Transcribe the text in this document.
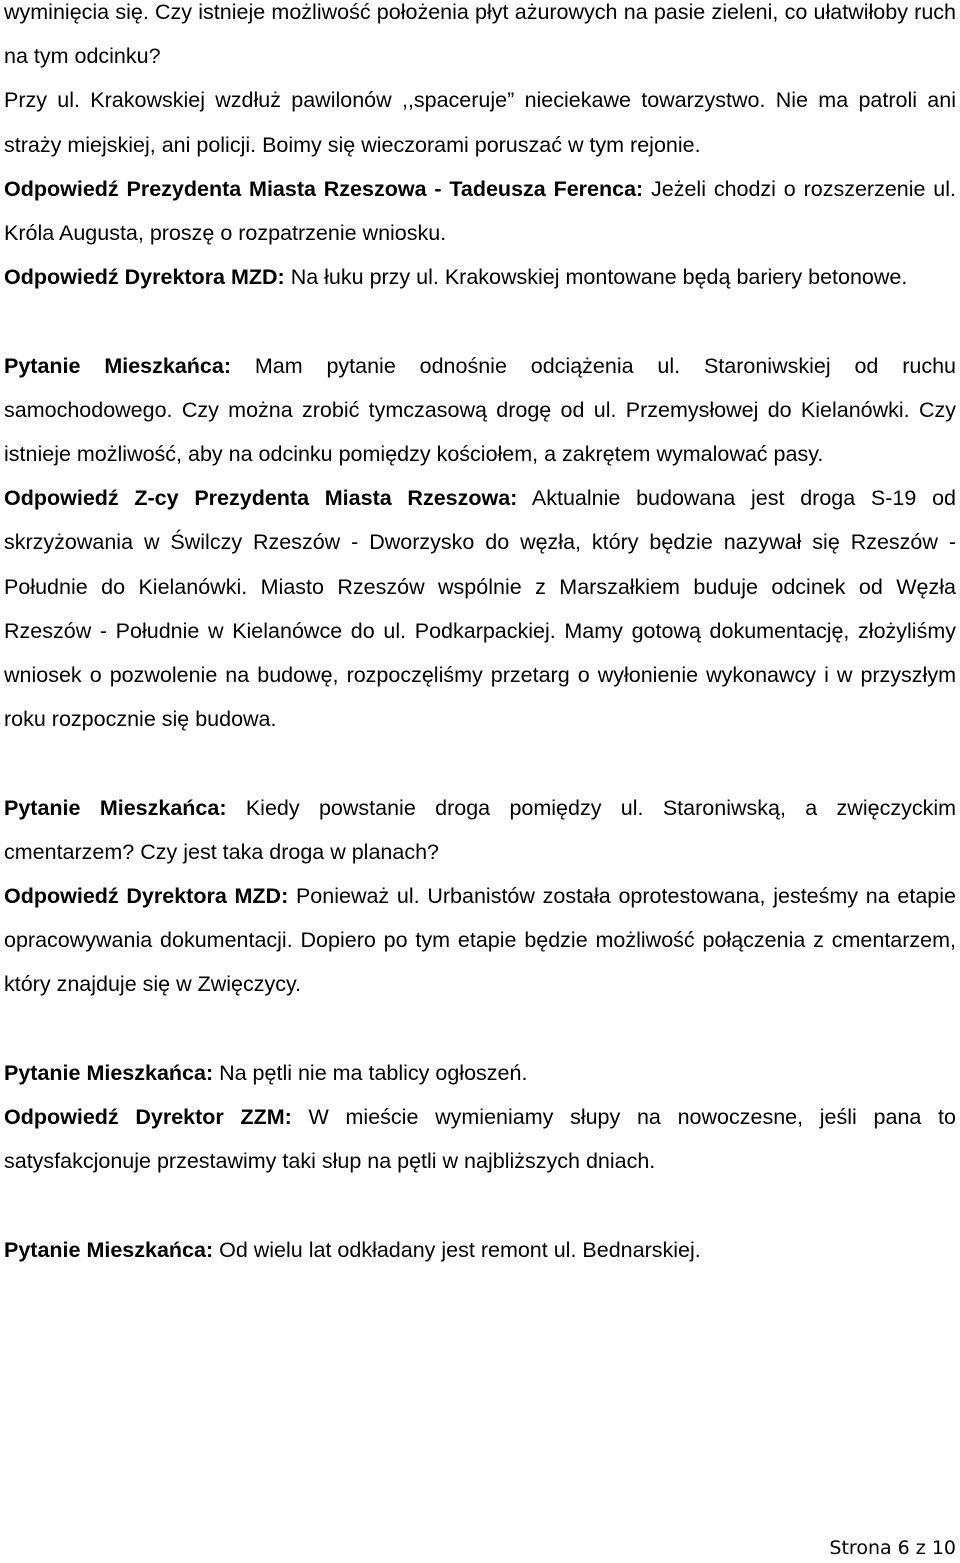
wyminięcia się. Czy istnieje możliwość położenia płyt ażurowych na pasie zieleni, co ułatwiłoby ruch na tym odcinku?

Przy ul. Krakowskiej wzdłuż pawilonów ,,spaceruje” nieciekawe towarzystwo. Nie ma patroli ani straży miejskiej, ani policji. Boimy się wieczorami poruszać w tym rejonie.

Odpowiedź Prezydenta Miasta Rzeszowa - Tadeusza Ferenca: Jeżeli chodzi o rozszerzenie ul. Króla Augusta, proszę o rozpatrzenie wniosku.

Odpowiedź Dyrektora MZD: Na łuku przy ul. Krakowskiej montowane będą bariery betonowe.

Pytanie Mieszkańca: Mam pytanie odnośnie odciążenia ul. Staroniwskiej od ruchu samochodowego. Czy można zrobić tymczasową drogę od ul. Przemysłowej do Kielanówki. Czy istnieje możliwość, aby na odcinku pomiędzy kościołem, a zakrętem wymalować pasy.

Odpowiedź Z-cy Prezydenta Miasta Rzeszowa: Aktualnie budowana jest droga S-19 od skrzyżowania w Świlczy Rzeszów - Dworzysko do węzła, który będzie nazywał się Rzeszów - Południe do Kielanówki. Miasto Rzeszów wspólnie z Marszałkiem buduje odcinek od Węzła Rzeszów - Południe w Kielanówce do ul. Podkarpackiej. Mamy gotową dokumentację, złożyliśmy wniosek o pozwolenie na budowę, rozpoczęliśmy przetarg o wyłonienie wykonawcy i w przyszłym roku rozpocznie się budowa.

Pytanie Mieszkańca: Kiedy powstanie droga pomiędzy ul. Staroniwską, a zwięczyckim cmentarzem? Czy jest taka droga w planach?

Odpowiedź Dyrektora MZD: Ponieważ ul. Urbanistów została oprotestowana, jesteśmy na etapie opracowywania dokumentacji. Dopiero po tym etapie będzie możliwość połączenia z cmentarzem, który znajduje się w Zwięczycy.

Pytanie Mieszkańca: Na pętli nie ma tablicy ogłoszeń.

Odpowiedź Dyrektor ZZM: W mieście wymieniamy słupy na nowoczesne, jeśli pana to satysfakcjonuje przestawimy taki słup na pętli w najbliższych dniach.

Pytanie Mieszkańca: Od wielu lat odkładany jest remont ul. Bednarskiej.

Strona 6 z 10
